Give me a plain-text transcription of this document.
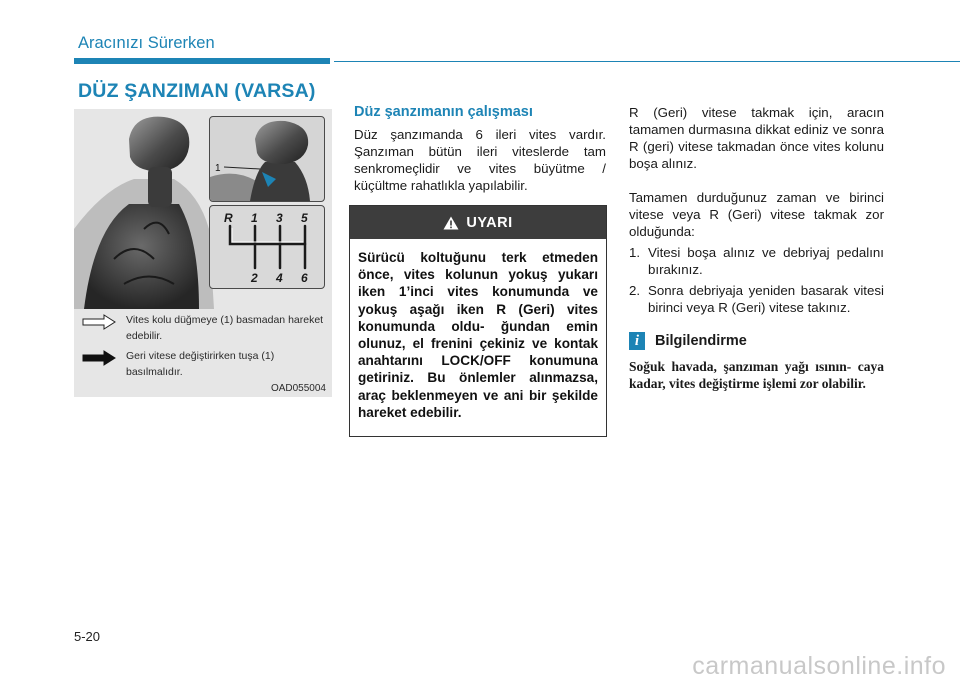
Aracınızı Sürerken
DÜZ ŞANZIMAN (VARSA)
1
R 1 3 5
2 4 6
Vites kolu düğmeye (1) basmadan hareket edebilir.
Geri vitese değiştirirken tuşa (1) basılmalıdır.
OAD055004
Düz şanzımanın çalışması

Düz şanzımanda 6 ileri vites vardır. Şanzıman bütün ileri viteslerde tam senkromeçlidir ve vites büyütme / küçültme rahatlıkla yapılabilir.

UYARI
Sürücü koltuğunu terk etmeden önce, vites kolunun yokuş yukarı iken 1’inci vites konumunda ve yokuş aşağı iken R (Geri) vites konumunda oldu- ğundan emin olunuz, el frenini çekiniz ve kontak anahtarını LOCK/OFF konumuna getiriniz. Bu önlemler alınmazsa, araç beklenmeyen ve ani bir şekilde hareket edebilir.

R (Geri) vitese takmak için, aracın tamamen durmasına dikkat ediniz ve sonra R (geri) vitese takmadan önce vites kolunu boşa alınız.

Tamamen durduğunuz zaman ve birinci vitese veya R (Geri) vitese takmak zor olduğunda:

1. Vitesi boşa alınız ve debriyaj pedalını bırakınız.
2. Sonra debriyaja yeniden basarak vitesi birinci veya R (Geri) vitese takınız.
i	Bilgilendirme
Soğuk havada, şanzıman yağı ısının- caya kadar, vites değiştirme işlemi zor olabilir.
5-20
carmanualsonline.info
